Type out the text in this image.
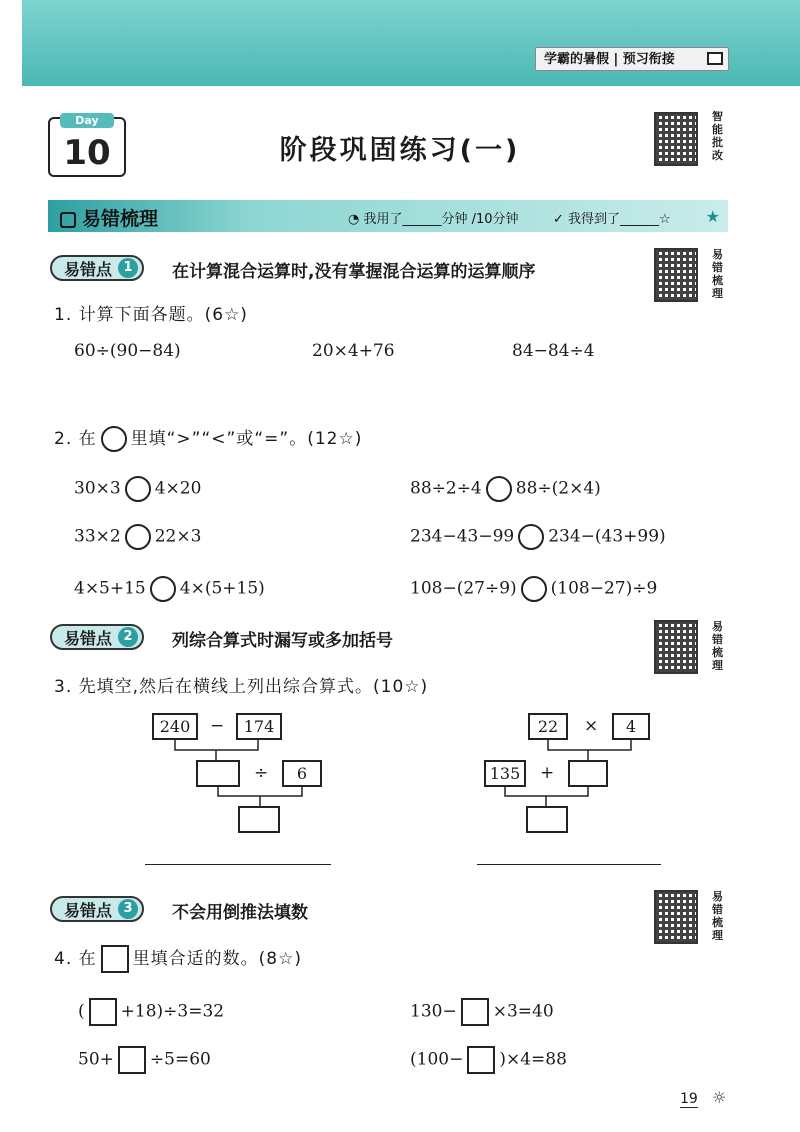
学霸的暑假 | 预习衔接
Day
10	阶段巩固练习(一)
智能批改
易错梳理	◔ 我用了______分钟 /10分钟	✓ 我得到了______☆ ★
易错点 1	在计算混合运算时,没有掌握混合运算的运算顺序
易错梳理
1. 计算下面各题。(6☆)
60÷(90−84)	20×4+76	84−84÷4
2. 在 里填“>”“<”或“=”。(12☆)
30×3 4×20	88÷2÷4 88÷(2×4)
33×2 22×3	234−43−99 234−(43+99)
4×5+15 4×(5+15)	108−(27÷9) (108−27)÷9
易错点 2	列综合算式时漏写或多加括号
易错梳理
3. 先填空,然后在横线上列出综合算式。(10☆)
240	−	174
÷	6
22	×	4
135	+
易错点 3	不会用倒推法填数
易错梳理
4. 在 里填合适的数。(8☆)
( +18)÷3=32	130− ×3=40
50+ ÷5=60	(100− )×4=88
19 ☼
